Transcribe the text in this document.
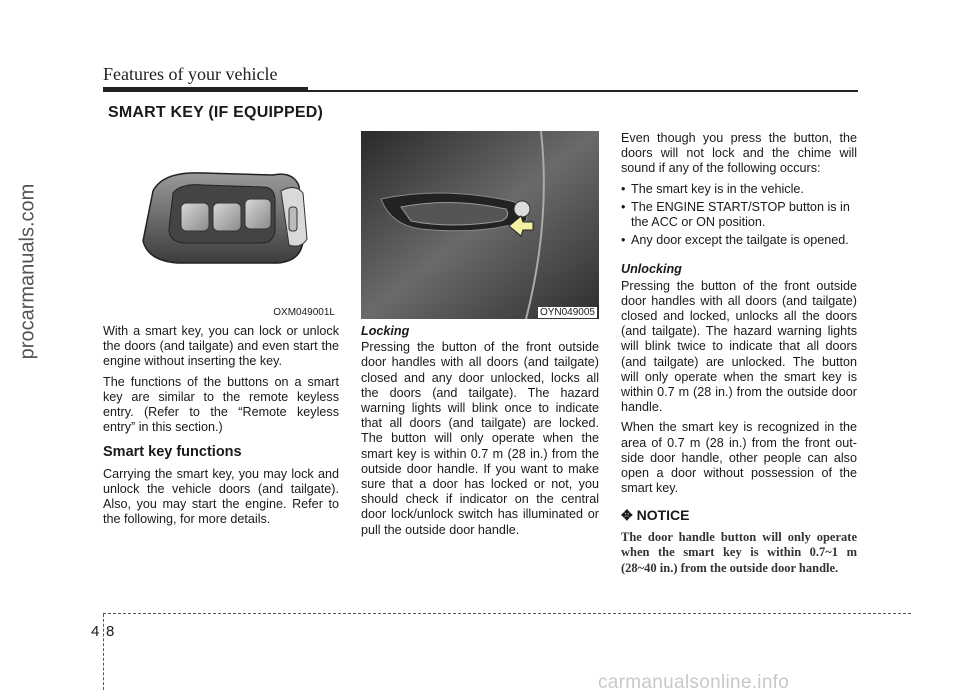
Features of your vehicle
SMART KEY (IF EQUIPPED)
procarmanuals.com	OXM049001L	OYN049005

With a smart key, you can lock or unlock the doors (and tailgate) and even start the engine without inserting the key.

The functions of the buttons on a smart key are similar to the remote keyless entry. (Refer to the “Remote keyless entry” in this section.)

Smart key functions

Carrying the smart key, you may lock and unlock the vehicle doors (and tailgate). Also, you may start the engine. Refer to the following, for more details.

Locking

Pressing the button of the front outside door handles with all doors (and tailgate) closed and any door unlocked, locks all the doors (and tailgate). The hazard warning lights will blink once to indicate that all doors (and tailgate) are locked. The button will only operate when the smart key is within 0.7 m (28 in.) from the outside door handle. If you want to make sure that a door has locked or not, you should check if indicator on the central door lock/unlock switch has illuminated or pull the outside door handle.

Even though you press the button, the doors will not lock and the chime will sound if any of the following occurs:

• The smart key is in the vehicle.
• The ENGINE START/STOP button is in the ACC or ON position.
• Any door except the tailgate is opened.
Unlocking

Pressing the button of the front outside door handles with all doors (and tailgate) closed and locked, unlocks all the doors (and tailgate). The hazard warning lights will blink twice to indicate that all doors (and tailgate) are unlocked. The button will only operate when the smart key is within 0.7 m (28 in.) from the outside door handle.

When the smart key is recognized in the area of 0.7 m (28 in.) from the front out-side door handle, other people can also open a door without possession of the smart key.

✥ NOTICE
The door handle button will only operate when the smart key is within 0.7~1 m (28~40 in.) from the outside door handle.
4 8
carmanualsonline.info
